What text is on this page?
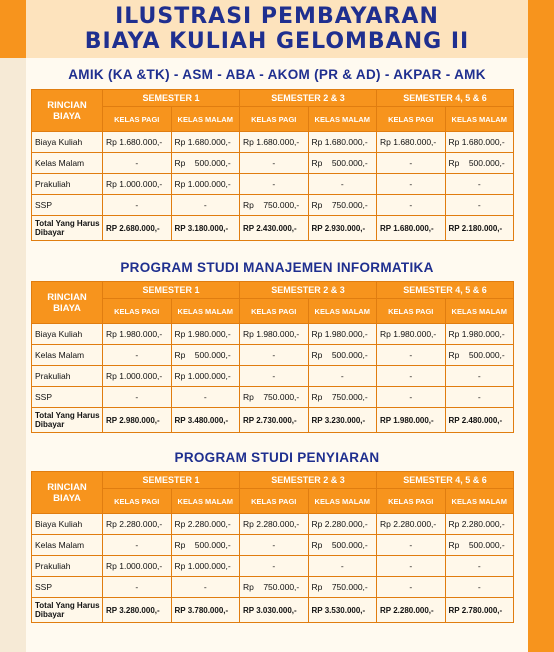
ILUSTRASI PEMBAYARAN
BIAYA KULIAH GELOMBANG II
AMIK (KA &TK) - ASM - ABA - AKOM (PR & AD) - AKPAR - AMK
RINCIAN BIAYA	SEMESTER 1		SEMESTER 2 & 3		SEMESTER 4, 5 & 6	
	KELAS PAGI	KELAS MALAM	KELAS PAGI	KELAS MALAM	KELAS PAGI	KELAS MALAM
Biaya Kuliah	Rp 1.680.000,-	Rp 1.680.000,-	Rp 1.680.000,-	Rp 1.680.000,-	Rp 1.680.000,-	Rp 1.680.000,-
Kelas Malam	-	Rp    500.000,-	-	Rp    500.000,-	-	Rp    500.000,-
Prakuliah	Rp 1.000.000,-	Rp 1.000.000,-	-	-	-	-
SSP	-	-	Rp    750.000,-	Rp    750.000,-	-	-
Total Yang Harus Dibayar	RP 2.680.000,-	RP 3.180.000,-	RP 2.430.000,-	RP 2.930.000,-	RP 1.680.000,-	RP 2.180.000,-
PROGRAM STUDI MANAJEMEN INFORMATIKA
RINCIAN BIAYA	SEMESTER 1		SEMESTER 2 & 3		SEMESTER 4, 5 & 6	
	KELAS PAGI	KELAS MALAM	KELAS PAGI	KELAS MALAM	KELAS PAGI	KELAS MALAM
Biaya Kuliah	Rp 1.980.000,-	Rp 1.980.000,-	Rp 1.980.000,-	Rp 1.980.000,-	Rp 1.980.000,-	Rp 1.980.000,-
Kelas Malam	-	Rp    500.000,-	-	Rp    500.000,-	-	Rp    500.000,-
Prakuliah	Rp 1.000.000,-	Rp 1.000.000,-	-	-	-	-
SSP	-	-	Rp    750.000,-	Rp    750.000,-	-	-
Total Yang Harus Dibayar	RP 2.980.000,-	RP 3.480.000,-	RP 2.730.000,-	RP 3.230.000,-	RP 1.980.000,-	RP 2.480.000,-
PROGRAM STUDI PENYIARAN
RINCIAN BIAYA	SEMESTER 1		SEMESTER 2 & 3		SEMESTER 4, 5 & 6	
	KELAS PAGI	KELAS MALAM	KELAS PAGI	KELAS MALAM	KELAS PAGI	KELAS MALAM
Biaya Kuliah	Rp 2.280.000,-	Rp 2.280.000,-	Rp 2.280.000,-	Rp 2.280.000,-	Rp 2.280.000,-	Rp 2.280.000,-
Kelas Malam	-	Rp    500.000,-	-	Rp    500.000,-	-	Rp    500.000,-
Prakuliah	Rp 1.000.000,-	Rp 1.000.000,-	-	-	-	-
SSP	-	-	Rp    750.000,-	Rp    750.000,-	-	-
Total Yang Harus Dibayar	RP 3.280.000,-	RP 3.780.000,-	RP 3.030.000,-	RP 3.530.000,-	RP 2.280.000,-	RP 2.780.000,-
